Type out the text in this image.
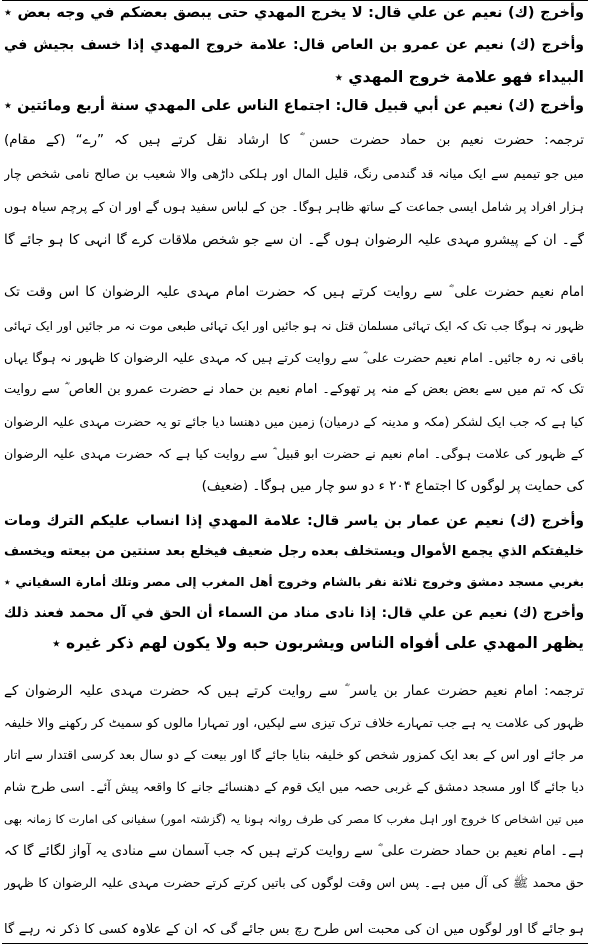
وأخرج (ك) نعيم عن علي قال: لا يخرج المهدي حتى يبصق بعضكم في وجه بعض ٭
وأخرج (ك) نعيم عن عمرو بن العاص قال: علامة خروج المهدي إذا خسف بجيش في
البيداء فهو علامة خروج المهدي ٭
وأخرج (ك) نعيم عن أبي قبيل قال: اجتماع الناس على المهدي سنة أربع ومائتين ٭
ترجمہ: حضرت نعیم بن حماد حضرت حسن ؓ کا ارشاد نقل کرتے ہیں کہ ”رے“ (کے مقام)
میں جو تیمیم سے ایک میانہ قد گندمی رنگ، قلیل المال اور ہلکی داڑھی والا شعیب بن صالح نامی شخص چار
ہزار افراد پر شامل ایسی جماعت کے ساتھ ظاہر ہوگا۔ جن کے لباس سفید ہوں گے اور ان کے پرچم سیاہ ہوں
گے۔ ان کے پیشرو مہدی علیہ الرضوان ہوں گے۔ ان سے جو شخص ملاقات کرے گا انہی کا ہو جائے گا
امام نعیم حضرت علی ؓ سے روایت کرتے ہیں کہ حضرت امام مہدی علیہ الرضوان کا اس وقت تک
ظہور نہ ہوگا جب تک کہ ایک تہائی مسلمان قتل نہ ہو جائیں اور ایک تہائی طبعی موت نہ مر جائیں اور ایک تہائی
باقی نہ رہ جائیں۔ امام نعیم حضرت علی ؓ سے روایت کرتے ہیں کہ مہدی علیہ الرضوان کا ظہور نہ ہوگا یہاں
تک کہ تم میں سے بعض بعض کے منہ پر تھوکے۔ امام نعیم بن حماد نے حضرت عمرو بن العاص ؓ سے روایت
کیا ہے کہ جب ایک لشکر (مکہ و مدینہ کے درمیان) زمین میں دھنسا دیا جائے تو یہ حضرت مہدی علیہ الرضوان
کے ظہور کی علامت ہوگی۔ امام نعیم نے حضرت ابو قبیل ؓ سے روایت کیا ہے کہ حضرت مہدی علیہ الرضوان
کی حمایت پر لوگوں کا اجتماع ۲۰۴ ء دو سو چار میں ہوگا۔ (ضعیف)
وأخرج (ك) نعيم عن عمار بن ياسر قال: علامة المهدي إذا انساب عليكم الترك ومات
خليفتكم الذي يجمع الأموال ويستخلف بعده رجل ضعيف فيخلع بعد سنتين من بيعته ويخسف
بغربي مسجد دمشق وخروج ثلاثة نفر بالشام وخروج أهل المغرب إلى مصر وتلك أمارة السفياني ٭
وأخرج (ك) نعيم عن علي قال: إذا نادى مناد من السماء أن الحق في آل محمد فعند ذلك
يظهر المهدي على أفواه الناس ويشربون حبه ولا يكون لهم ذكر غيره ٭
ترجمہ: امام نعیم حضرت عمار بن یاسر ؓ سے روایت کرتے ہیں کہ حضرت مہدی علیہ الرضوان کے
ظہور کی علامت یہ ہے جب تمہارے خلاف ترک تیزی سے لپکیں، اور تمہارا مالوں کو سمیٹ کر رکھنے والا خلیفہ
مر جائے اور اس کے بعد ایک کمزور شخص کو خلیفہ بنایا جائے گا اور بیعت کے دو سال بعد کرسی اقتدار سے اتار
دیا جائے گا اور مسجد دمشق کے غربی حصہ میں ایک قوم کے دھنسائے جانے کا واقعہ پیش آئے۔ اسی طرح شام
میں تین اشخاص کا خروج اور اہل مغرب کا مصر کی طرف روانہ ہونا یہ (گزشتہ امور) سفیانی کی امارت کا زمانہ بھی
ہے۔ امام نعیم بن حماد حضرت علی ؓ سے روایت کرتے ہیں کہ جب آسمان سے منادی یہ آواز لگائے گا کہ
حق محمد ﷺ کی آل میں ہے۔ پس اس وقت لوگوں کی باتیں کرتے کرتے حضرت مہدی علیہ الرضوان کا ظہور
ہو جائے گا اور لوگوں میں ان کی محبت اس طرح رچ بس جائے گی کہ ان کے علاوہ کسی کا ذکر نہ رہے گا
